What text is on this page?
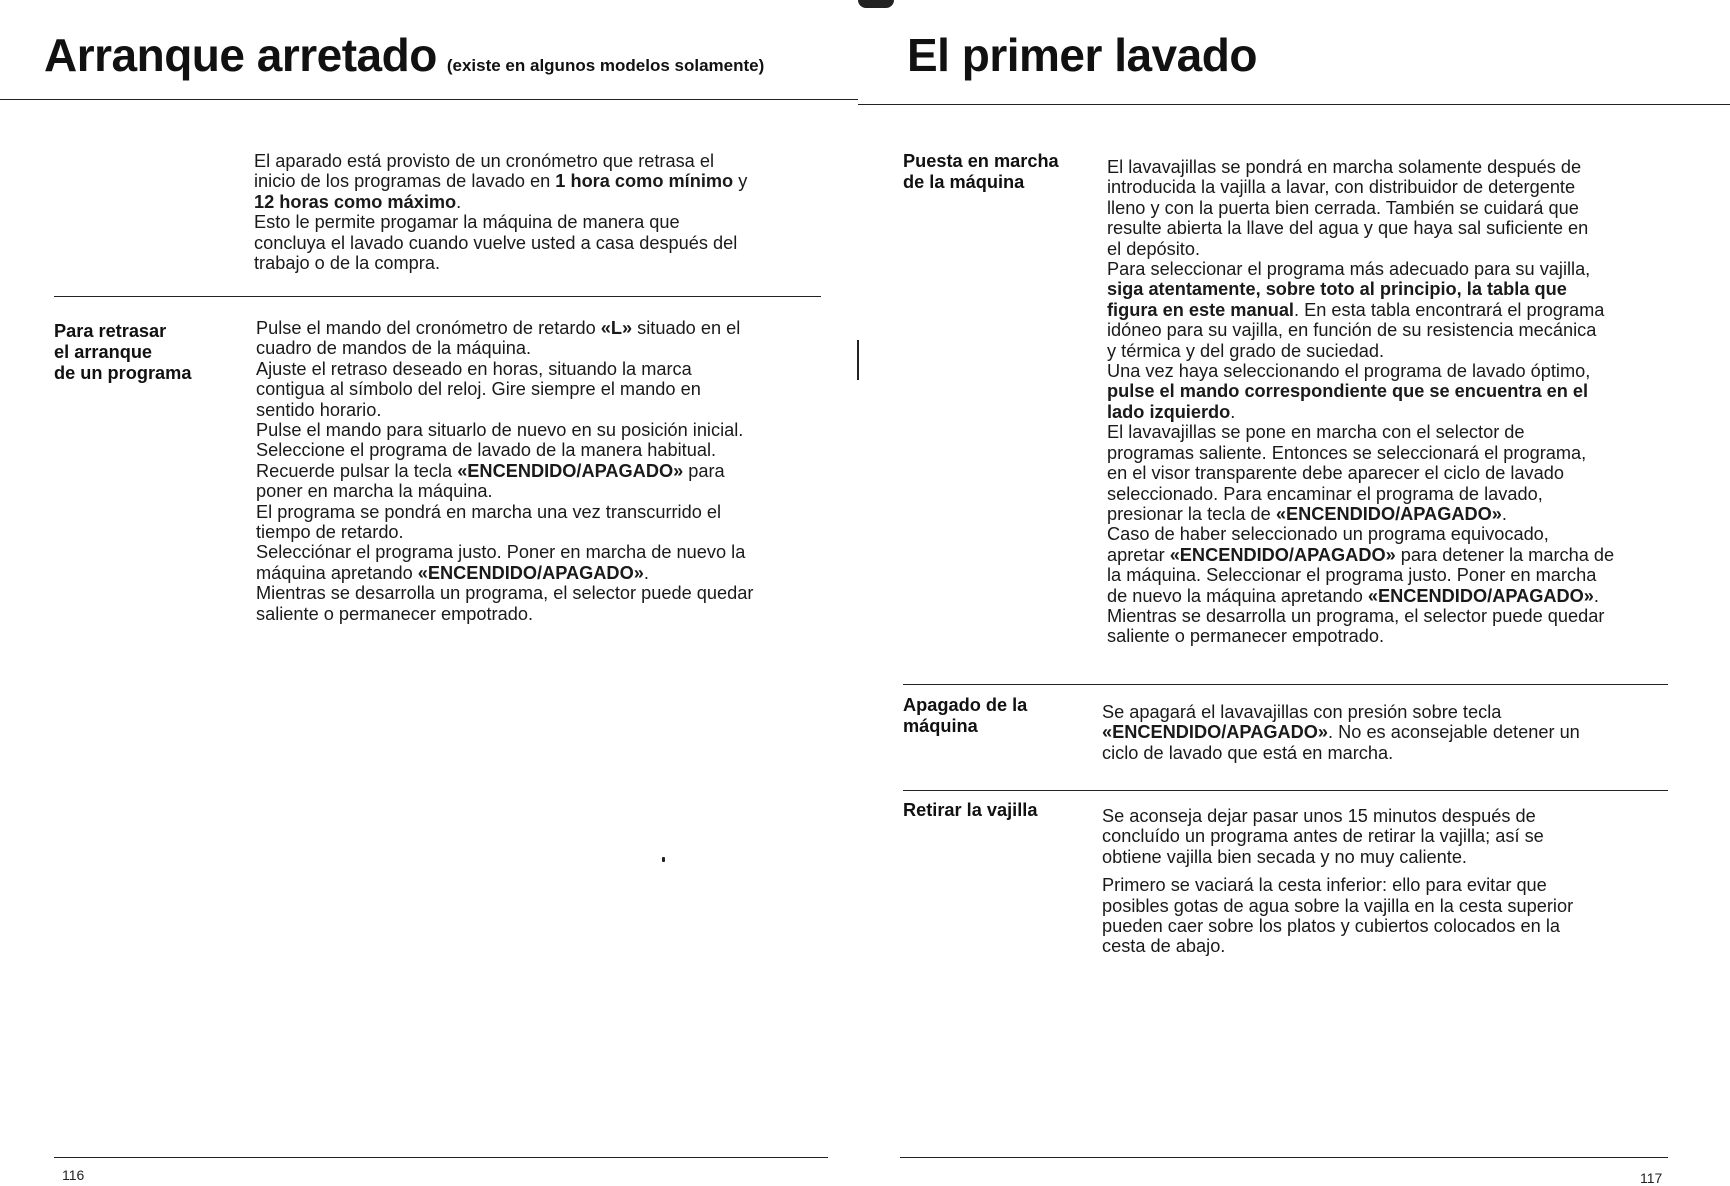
Arranque arretado (existe en algunos modelos solamente)

El aparado está provisto de un cronómetro que retrasa el

inicio de los programas de lavado en 1 hora como mínimo y

12 horas como máximo.

Esto le permite progamar la máquina de manera que

concluya el lavado cuando vuelve usted a casa después del

trabajo o de la compra.

Para retrasar
el arranque
de un programa

Pulse el mando del cronómetro de retardo «L» situado en el

cuadro de mandos de la máquina.

Ajuste el retraso deseado en horas, situando la marca

contigua al símbolo del reloj. Gire siempre el mando en

sentido horario.

Pulse el mando para situarlo de nuevo en su posición inicial.

Seleccione el programa de lavado de la manera habitual.

Recuerde pulsar la tecla «ENCENDIDO/APAGADO» para

poner en marcha la máquina.

El programa se pondrá en marcha una vez transcurrido el

tiempo de retardo.

Selecciónar el programa justo. Poner en marcha de nuevo la

máquina apretando «ENCENDIDO/APAGADO».

Mientras se desarrolla un programa, el selector puede quedar

saliente o permanecer empotrado.

116
El primer lavado
Puesta en marcha
de la máquina

El lavavajillas se pondrá en marcha solamente después de

introducida la vajilla a lavar, con distribuidor de detergente

lleno y con la puerta bien cerrada. También se cuidará que

resulte abierta la llave del agua y que haya sal suficiente en

el depósito.

Para seleccionar el programa más adecuado para su vajilla,

siga atentamente, sobre toto al principio, la tabla que

figura en este manual. En esta tabla encontrará el programa

idóneo para su vajilla, en función de su resistencia mecánica

y térmica y del grado de suciedad.

Una vez haya seleccionando el programa de lavado óptimo,

pulse el mando correspondiente que se encuentra en el

lado izquierdo.

El lavavajillas se pone en marcha con el selector de

programas saliente. Entonces se seleccionará el programa,

en el visor transparente debe aparecer el ciclo de lavado

seleccionado. Para encaminar el programa de lavado,

presionar la tecla de «ENCENDIDO/APAGADO».

Caso de haber seleccionado un programa equivocado,

apretar «ENCENDIDO/APAGADO» para detener la marcha de

la máquina. Seleccionar el programa justo. Poner en marcha

de nuevo la máquina apretando «ENCENDIDO/APAGADO».

Mientras se desarrolla un programa, el selector puede quedar

saliente o permanecer empotrado.

Apagado de la
máquina

Se apagará el lavavajillas con presión sobre tecla

«ENCENDIDO/APAGADO». No es aconsejable detener un

ciclo de lavado que está en marcha.

Retirar la vajilla	Se aconseja dejar pasar unos 15 minutos después de

concluído un programa antes de retirar la vajilla; así se

obtiene vajilla bien secada y no muy caliente.

Primero se vaciará la cesta inferior: ello para evitar que

posibles gotas de agua sobre la vajilla en la cesta superior

pueden caer sobre los platos y cubiertos colocados en la

cesta de abajo.

117
